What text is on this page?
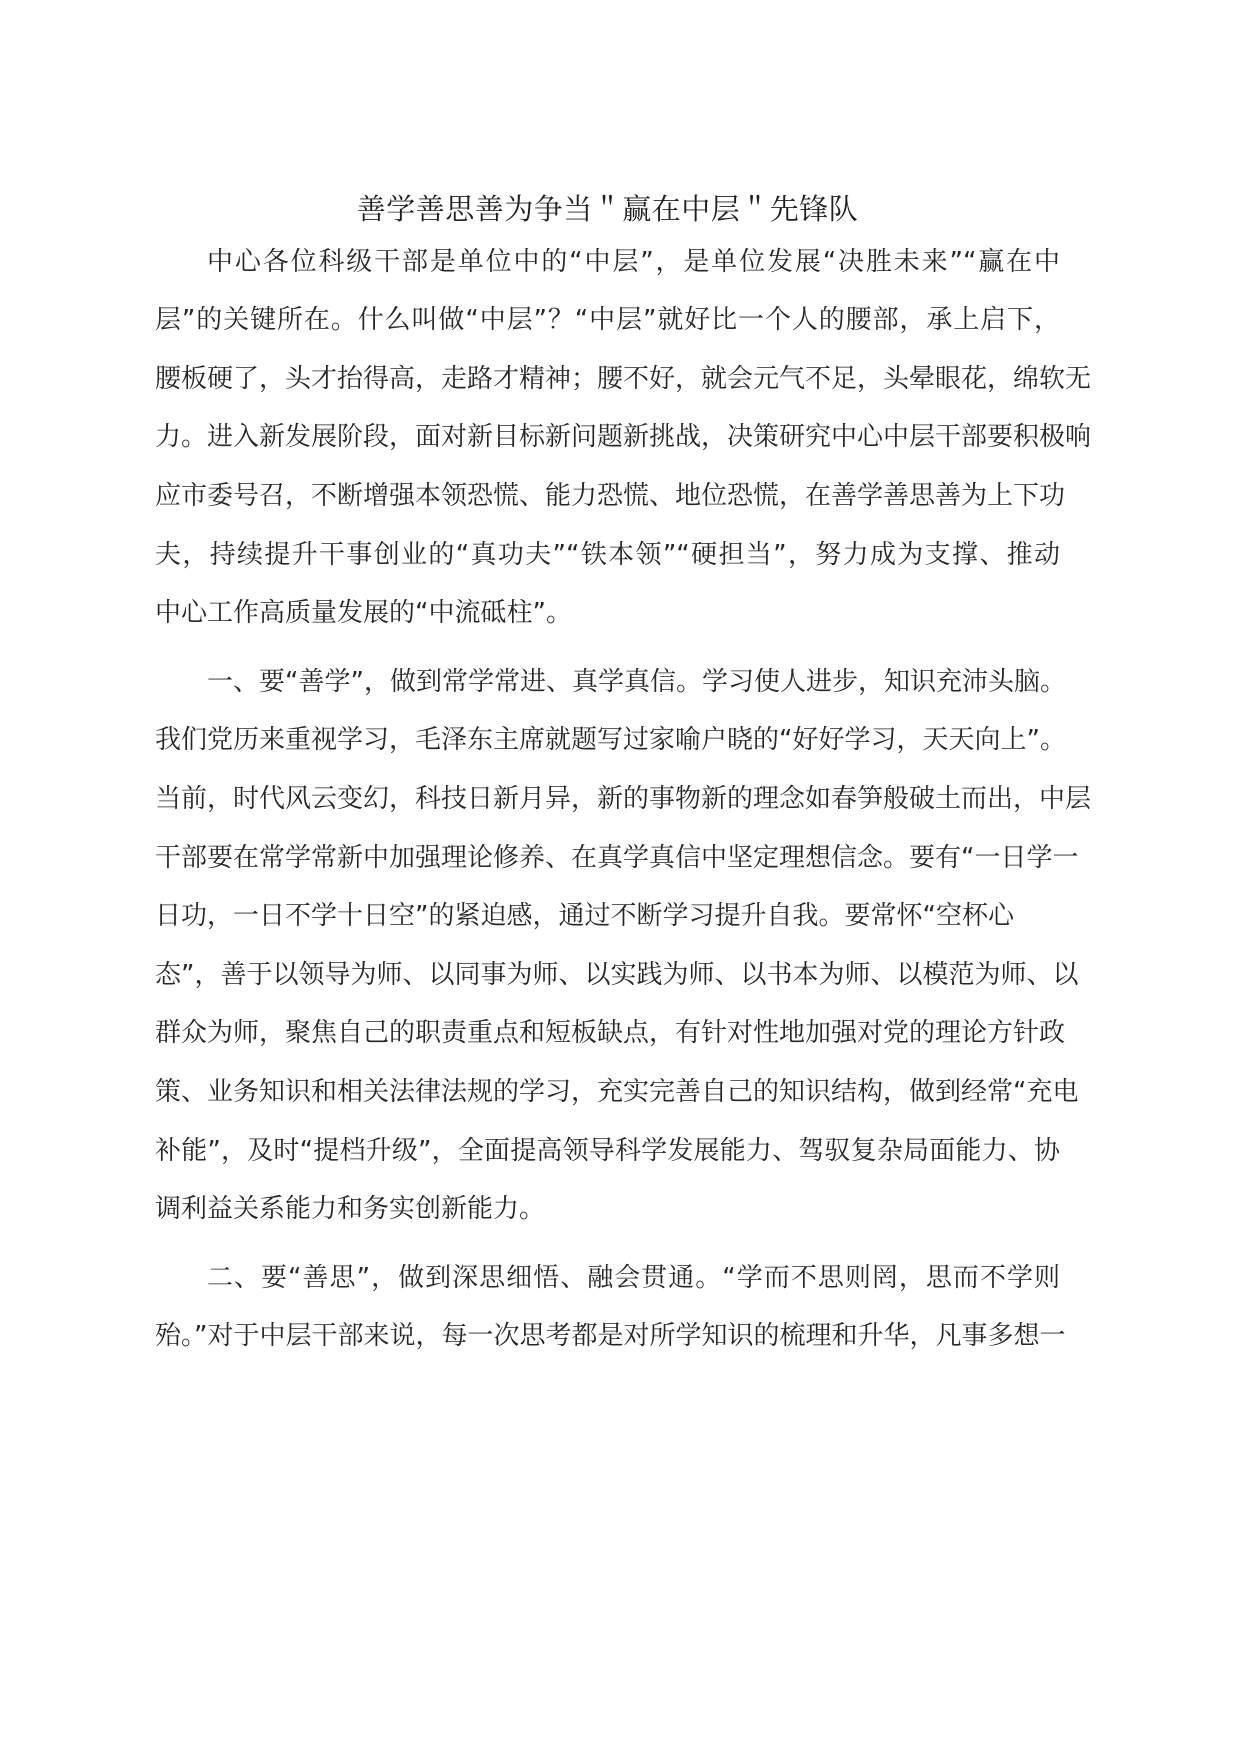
善学善思善为争当＂赢在中层＂先锋队
中心各位科级干部是单位中的“中层”，是单位发展“决胜未来”“赢在中
层”的关键所在。什么叫做“中层”？“中层”就好比一个人的腰部，承上启下，
腰板硬了，头才抬得高，走路才精神；腰不好，就会元气不足，头晕眼花，绵软无
力。进入新发展阶段，面对新目标新问题新挑战，决策研究中心中层干部要积极响
应市委号召，不断增强本领恐慌、能力恐慌、地位恐慌，在善学善思善为上下功
夫，持续提升干事创业的“真功夫”“铁本领”“硬担当”，努力成为支撑、推动
中心工作高质量发展的“中流砥柱”。
一、要“善学”，做到常学常进、真学真信。学习使人进步，知识充沛头脑。
我们党历来重视学习，毛泽东主席就题写过家喻户晓的“好好学习，天天向上”。
当前，时代风云变幻，科技日新月异，新的事物新的理念如春笋般破土而出，中层
干部要在常学常新中加强理论修养、在真学真信中坚定理想信念。要有“一日学一
日功，一日不学十日空”的紧迫感，通过不断学习提升自我。要常怀“空杯心
态”，善于以领导为师、以同事为师、以实践为师、以书本为师、以模范为师、以
群众为师，聚焦自己的职责重点和短板缺点，有针对性地加强对党的理论方针政
策、业务知识和相关法律法规的学习，充实完善自己的知识结构，做到经常“充电
补能”，及时“提档升级”，全面提高领导科学发展能力、驾驭复杂局面能力、协
调利益关系能力和务实创新能力。
二、要“善思”，做到深思细悟、融会贯通。“学而不思则罔，思而不学则
殆。”对于中层干部来说，每一次思考都是对所学知识的梳理和升华，凡事多想一
